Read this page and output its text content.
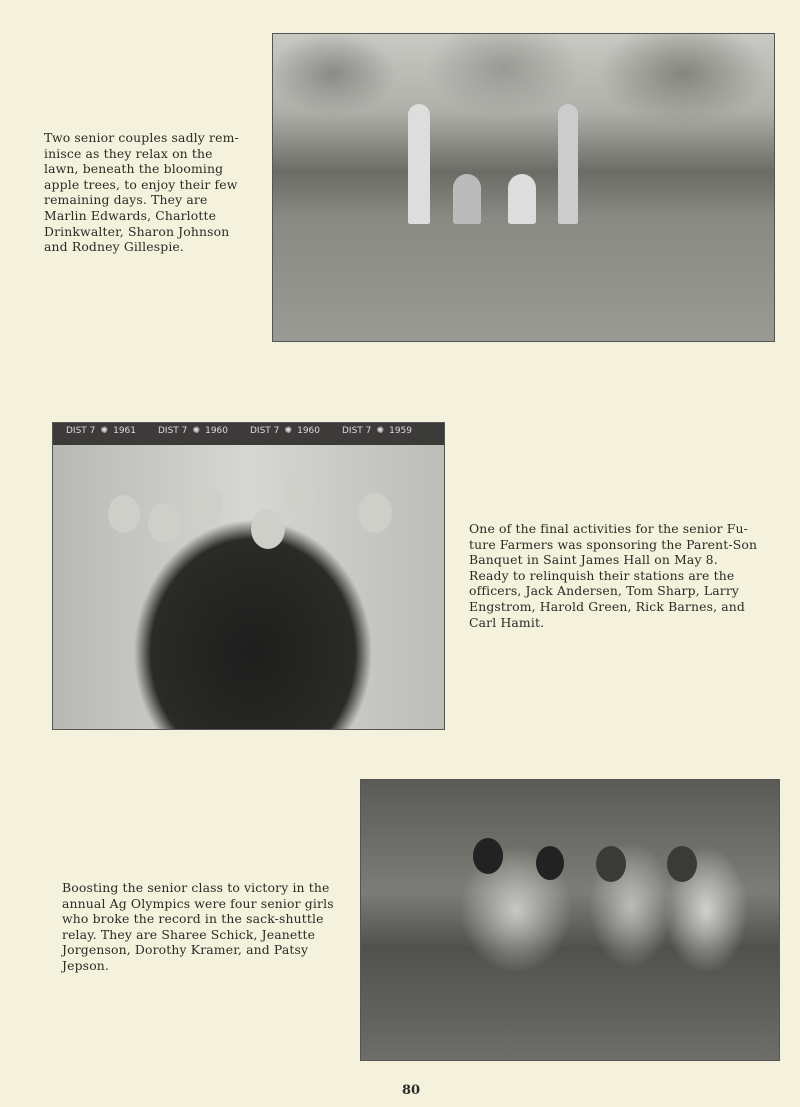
Two senior couples sadly rem-
inisce as they relax on the
lawn, beneath the blooming
apple trees, to enjoy their few
remaining days. They are
Marlin Edwards, Charlotte
Drinkwalter, Sharon Johnson
and Rodney Gillespie.
DIST 7 ✺ 1961 DIST 7 ✺ 1960 DIST 7 ✺ 1960 DIST 7 ✺ 1959
One of the final activities for the senior Fu-
ture Farmers was sponsoring the Parent-Son
Banquet in Saint James Hall on May 8.
Ready to relinquish their stations are the
officers, Jack Andersen, Tom Sharp, Larry
Engstrom, Harold Green, Rick Barnes, and
Carl Hamit.
Boosting the senior class to victory in the
annual Ag Olympics were four senior girls
who broke the record in the sack-shuttle
relay. They are Sharee Schick, Jeanette
Jorgenson, Dorothy Kramer, and Patsy
Jepson.
80
